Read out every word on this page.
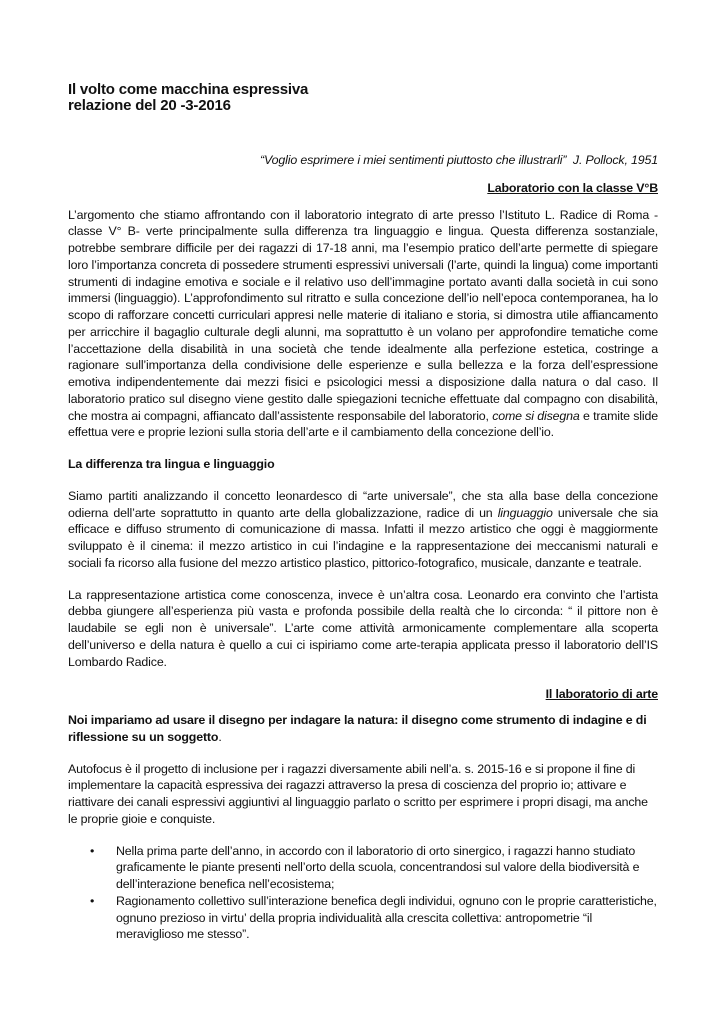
Il volto come macchina espressiva
relazione del 20 -3-2016
“Voglio esprimere i miei sentimenti piuttosto che illustrarli” J. Pollock, 1951
Laboratorio con la classe V°B

L’argomento che stiamo affrontando con il laboratorio integrato di arte presso l’Istituto L. Radice di Roma - classe V° B- verte principalmente sulla differenza tra linguaggio e lingua. Questa differenza sostanziale, potrebbe sembrare difficile per dei ragazzi di 17-18 anni, ma l’esempio pratico dell’arte permette di spiegare loro l’importanza concreta di possedere strumenti espressivi universali (l’arte, quindi la lingua) come importanti strumenti di indagine emotiva e sociale e il relativo uso dell’immagine portato avanti dalla società in cui sono immersi (linguaggio). L’approfondimento sul ritratto e sulla concezione dell’io nell’epoca contemporanea, ha lo scopo di rafforzare concetti curriculari appresi nelle materie di italiano e storia, si dimostra utile affiancamento per arricchire il bagaglio culturale degli alunni, ma soprattutto è un volano per approfondire tematiche come l’accettazione della disabilità in una società che tende idealmente alla perfezione estetica, costringe a ragionare sull’importanza della condivisione delle esperienze e sulla bellezza e la forza dell’espressione emotiva indipendentemente dai mezzi fisici e psicologici messi a disposizione dalla natura o dal caso. Il laboratorio pratico sul disegno viene gestito dalle spiegazioni tecniche effettuate dal compagno con disabilità, che mostra ai compagni, affiancato dall’assistente responsabile del laboratorio, come si disegna e tramite slide effettua vere e proprie lezioni sulla storia dell’arte e il cambiamento della concezione dell’io.

La differenza tra lingua e linguaggio

Siamo partiti analizzando il concetto leonardesco di “arte universale”, che sta alla base della concezione odierna dell’arte soprattutto in quanto arte della globalizzazione, radice di un linguaggio universale che sia efficace e diffuso strumento di comunicazione di massa. Infatti il mezzo artistico che oggi è maggiormente sviluppato è il cinema: il mezzo artistico in cui l’indagine e la rappresentazione dei meccanismi naturali e sociali fa ricorso alla fusione del mezzo artistico plastico, pittorico-fotografico, musicale, danzante e teatrale.

La rappresentazione artistica come conoscenza, invece è un’altra cosa. Leonardo era convinto che l’artista debba giungere all’esperienza più vasta e profonda possibile della realtà che lo circonda: “ il pittore non è laudabile se egli non è universale”. L’arte come attività armonicamente complementare alla scoperta dell’universo e della natura è quello a cui ci ispiriamo come arte-terapia applicata presso il laboratorio dell’IS Lombardo Radice.

Il laboratorio di arte

Noi impariamo ad usare il disegno per indagare la natura: il disegno come strumento di indagine e di riflessione su un soggetto.

Autofocus è il progetto di inclusione per i ragazzi diversamente abili nell’a. s. 2015-16 e si propone il fine di implementare la capacità espressiva dei ragazzi attraverso la presa di coscienza del proprio io; attivare e riattivare dei canali espressivi aggiuntivi al linguaggio parlato o scritto per esprimere i propri disagi, ma anche le proprie gioie e conquiste.

• Nella prima parte dell’anno, in accordo con il laboratorio di orto sinergico, i ragazzi hanno studiato graficamente le piante presenti nell’orto della scuola, concentrandosi sul valore della biodiversità e dell’interazione benefica nell’ecosistema;
• Ragionamento collettivo sull’interazione benefica degli individui, ognuno con le proprie caratteristiche, ognuno prezioso in virtu’ della propria individualità alla crescita collettiva: antropometrie “il meraviglioso me stesso”.
